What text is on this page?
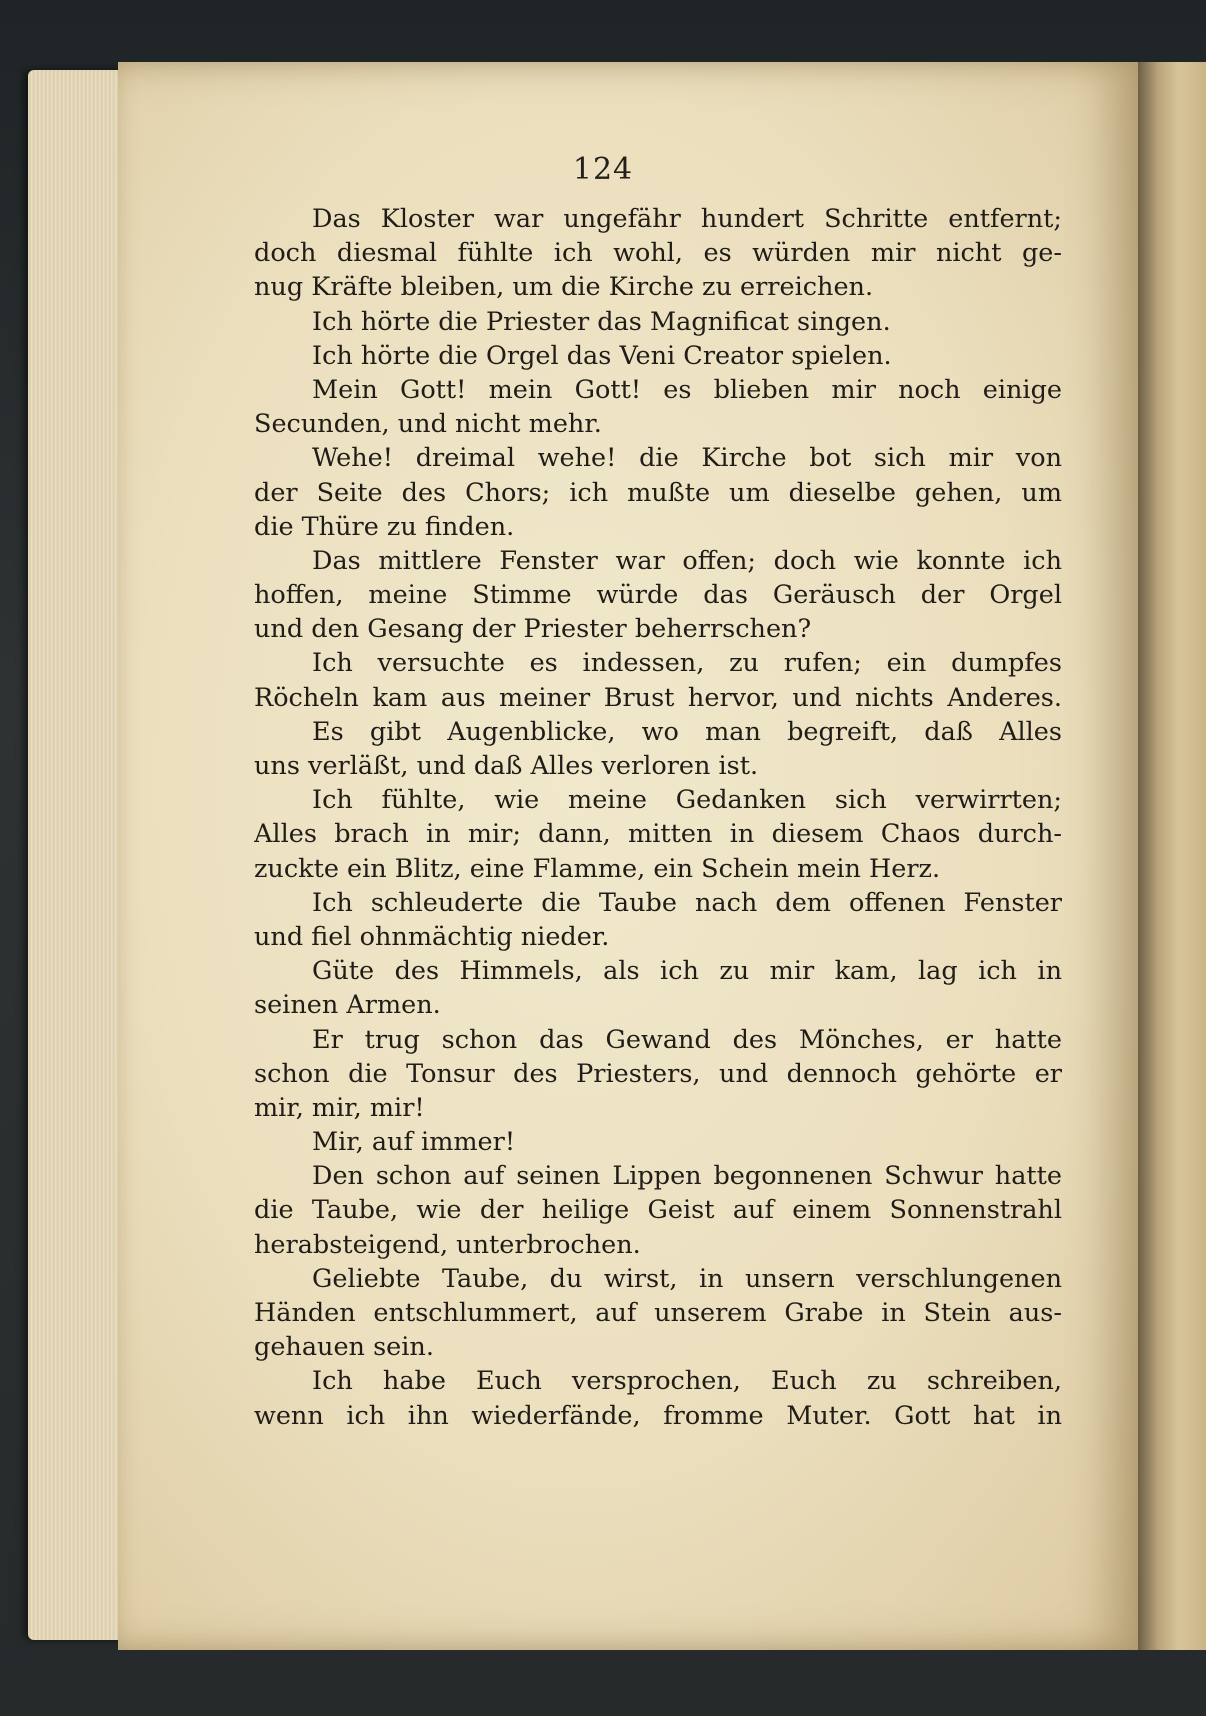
124
Das Kloster war ungefähr hundert Schritte entfernt;
doch diesmal fühlte ich wohl, es würden mir nicht ge-
nug Kräfte bleiben, um die Kirche zu erreichen.
Ich hörte die Priester das Magnificat singen.
Ich hörte die Orgel das Veni Creator spielen.
Mein Gott! mein Gott! es blieben mir noch einige
Secunden, und nicht mehr.
Wehe! dreimal wehe! die Kirche bot sich mir von
der Seite des Chors; ich mußte um dieselbe gehen, um
die Thüre zu finden.
Das mittlere Fenster war offen; doch wie konnte ich
hoffen, meine Stimme würde das Geräusch der Orgel
und den Gesang der Priester beherrschen?
Ich versuchte es indessen, zu rufen; ein dumpfes
Röcheln kam aus meiner Brust hervor, und nichts Anderes.
Es gibt Augenblicke, wo man begreift, daß Alles
uns verläßt, und daß Alles verloren ist.
Ich fühlte, wie meine Gedanken sich verwirrten;
Alles brach in mir; dann, mitten in diesem Chaos durch-
zuckte ein Blitz, eine Flamme, ein Schein mein Herz.
Ich schleuderte die Taube nach dem offenen Fenster
und fiel ohnmächtig nieder.
Güte des Himmels, als ich zu mir kam, lag ich in
seinen Armen.
Er trug schon das Gewand des Mönches, er hatte
schon die Tonsur des Priesters, und dennoch gehörte er
mir, mir, mir!
Mir, auf immer!
Den schon auf seinen Lippen begonnenen Schwur hatte
die Taube, wie der heilige Geist auf einem Sonnenstrahl
herabsteigend, unterbrochen.
Geliebte Taube, du wirst, in unsern verschlungenen
Händen entschlummert, auf unserem Grabe in Stein aus-
gehauen sein.
Ich habe Euch versprochen, Euch zu schreiben,
wenn ich ihn wiederfände, fromme Muter. Gott hat in
